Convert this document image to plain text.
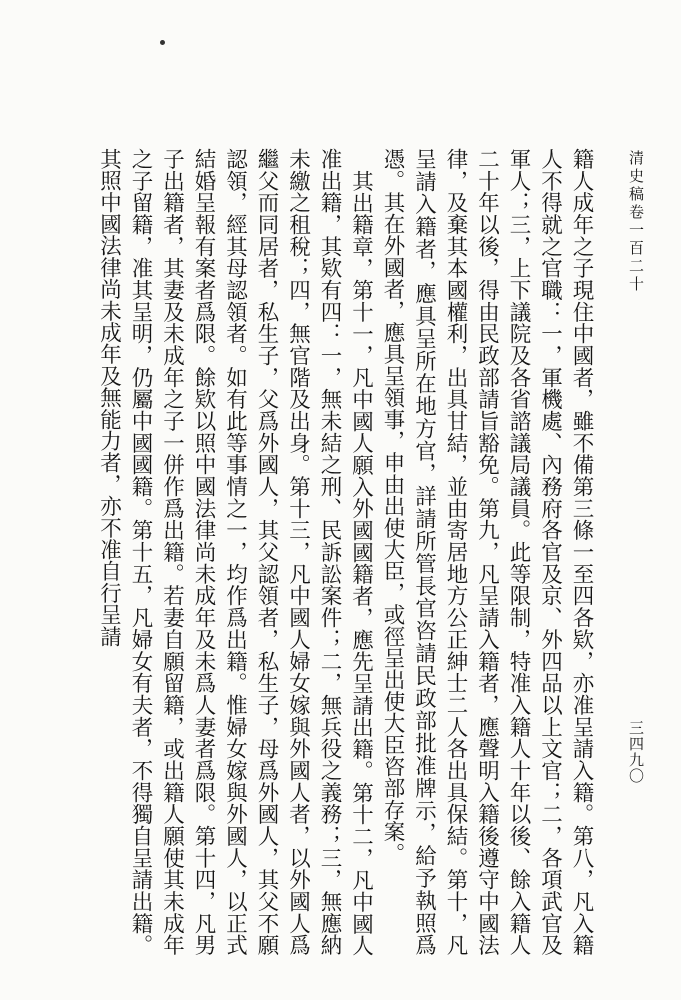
清史稿卷一百二十

籍人成年之子現住中國者，雖不備第三條一至四各欵，亦准呈請入籍。第八，凡入籍人不得就之官職：一，軍機處、內務府各官及京、外四品以上文官；二，各項武官及軍人；三，上下議院及各省諮議局議員。此等限制，特准入籍人十年以後、餘入籍人二十年以後，得由民政部請旨豁免。第九，凡呈請入籍者，應聲明入籍後遵守中國法律，及棄其本國權利，出具甘結，並由寄居地方公正紳士二人各出具保結。第十，凡呈請入籍者，應具呈所在地方官，詳請所管長官咨請民政部批准牌示，給予執照爲憑。其在外國者，應具呈領事，申由出使大臣，或徑呈出使大臣咨部存案。

其出籍章，第十一，凡中國人願入外國國籍者，應先呈請出籍。第十二，凡中國人准出籍，其欵有四：一，無未結之刑、民訴訟案件；二，無兵役之義務；三，無應納未繳之租稅；四，無官階及出身。第十三，凡中國人婦女嫁與外國人者，以外國人爲繼父而同居者，私生子，父爲外國人，其父認領者，私生子，母爲外國人，其父不願認領，經其母認領者。如有此等事情之一，均作爲出籍。惟婦女嫁與外國人，以正式結婚呈報有案者爲限。餘欵以照中國法律尚未成年及未爲人妻者爲限。第十四，凡男子出籍者，其妻及未成年之子一併作爲出籍。若妻自願留籍，或出籍人願使其未成年之子留籍，准其呈明，仍屬中國國籍。第十五，凡婦女有夫者，不得獨自呈請出籍。其照中國法律尚未成年及無能力者，亦不准自行呈請

三四九〇
